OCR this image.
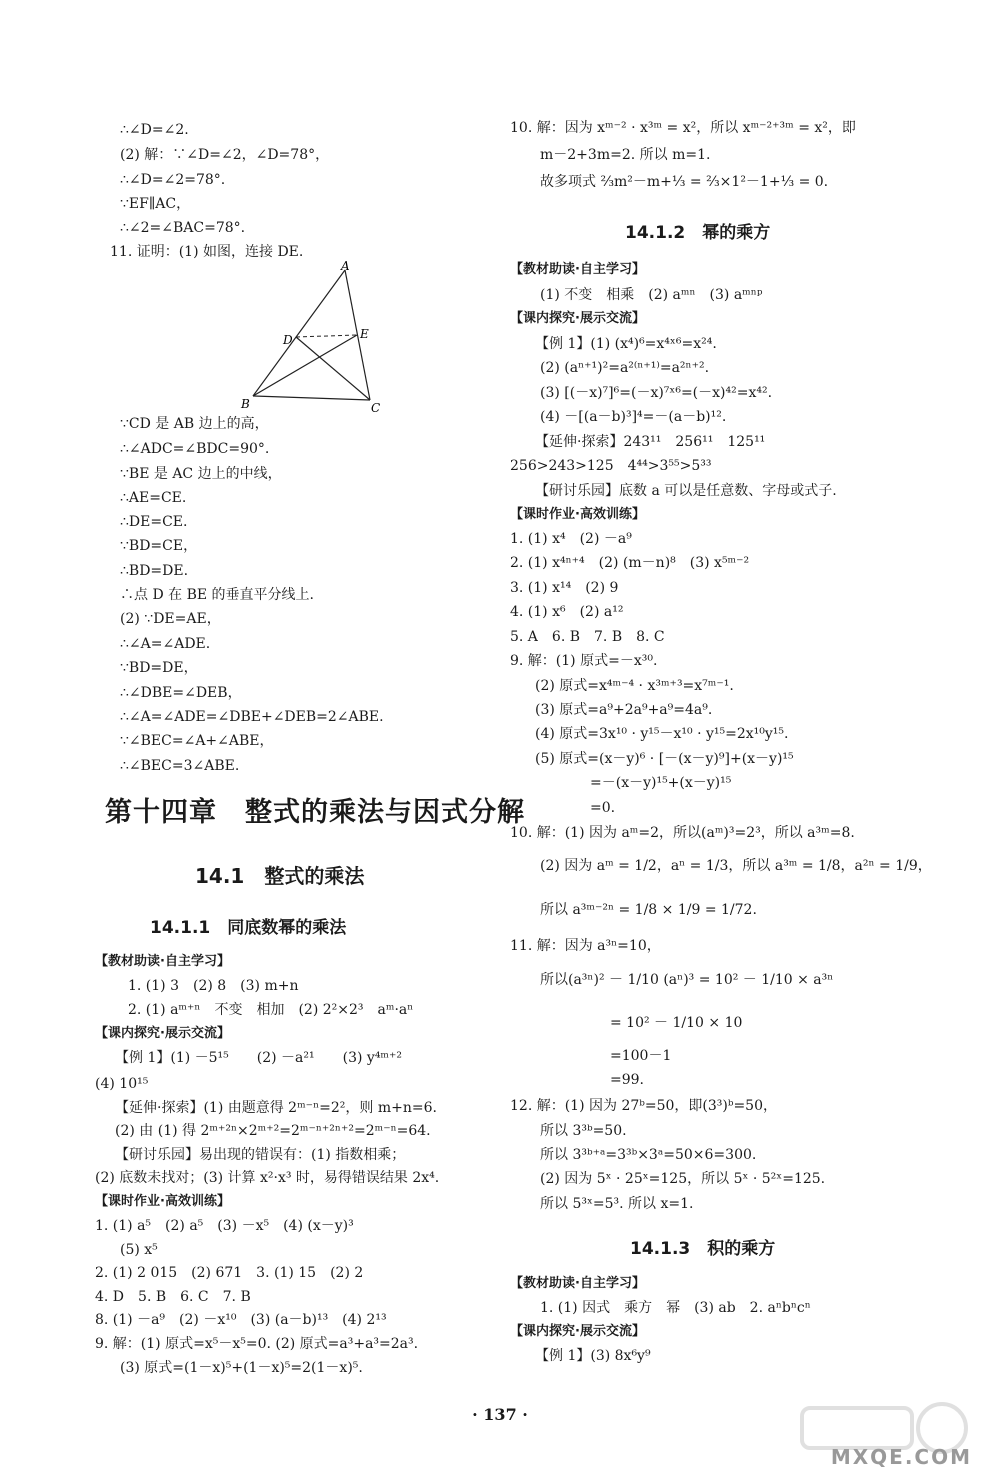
∴∠D=∠2.
(2) 解：∵∠D=∠2，∠D=78°，
∴∠D=∠2=78°.
∵EF∥AC，
∴∠2=∠BAC=78°.
11. 证明：(1) 如图，连接 DE.
A
D	E
B	C
∵CD 是 AB 边上的高，
∴∠ADC=∠BDC=90°.
∵BE 是 AC 边上的中线，
∴AE=CE.
∴DE=CE.
∵BD=CE，
∴BD=DE.
∴点 D 在 BE 的垂直平分线上.
(2) ∵DE=AE，
∴∠A=∠ADE.
∵BD=DE，
∴∠DBE=∠DEB，
∴∠A=∠ADE=∠DBE+∠DEB=2∠ABE.
∵∠BEC=∠A+∠ABE，
∴∠BEC=3∠ABE.
第十四章　整式的乘法与因式分解
14.1　整式的乘法
14.1.1　同底数幂的乘法
【教材助读·自主学习】
1. (1) 3　(2) 8　(3) m+n
2. (1) aᵐ⁺ⁿ　不变　相加　(2) 2²×2³　aᵐ·aⁿ
【课内探究·展示交流】
【例 1】(1) －5¹⁵　　(2) －a²¹　　(3) y⁴ᵐ⁺²
(4) 10¹⁵
【延伸·探索】(1) 由题意得 2ᵐ⁻ⁿ=2²，则 m+n=6.
(2) 由 (1) 得 2ᵐ⁺²ⁿ×2ᵐ⁺²=2ᵐ⁻ⁿ⁺²ⁿ⁺²=2ᵐ⁻ⁿ=64.
【研讨乐园】易出现的错误有：(1) 指数相乘；
(2) 底数未找对；(3) 计算 x²·x³ 时，易得错误结果 2x⁴.
【课时作业·高效训练】
1. (1) a⁵　(2) a⁵　(3) －x⁵　(4) (x－y)³
(5) x⁵
2. (1) 2 015　(2) 671　3. (1) 15　(2) 2
4. D　5. B　6. C　7. B
8. (1) －a⁹　(2) －x¹⁰　(3) (a－b)¹³　(4) 2¹³
9. 解：(1) 原式=x⁵－x⁵=0. (2) 原式=a³+a³=2a³.
(3) 原式=(1－x)⁵+(1－x)⁵=2(1－x)⁵.
10. 解：因为 xᵐ⁻² · x³ᵐ = x²，所以 xᵐ⁻²⁺³ᵐ = x²，即
m－2+3m=2. 所以 m=1.
故多项式 ⅔m²－m+⅓ = ⅔×1²－1+⅓ = 0.
14.1.2　幂的乘方
【教材助读·自主学习】
(1) 不变　相乘　(2) aᵐⁿ　(3) aᵐⁿᵖ
【课内探究·展示交流】
【例 1】(1) (x⁴)⁶=x⁴ˣ⁶=x²⁴.
(2) (aⁿ⁺¹)²=a²⁽ⁿ⁺¹⁾=a²ⁿ⁺².
(3) [(－x)⁷]⁶=(－x)⁷ˣ⁶=(－x)⁴²=x⁴².
(4) －[(a－b)³]⁴=－(a－b)¹².
【延伸·探索】243¹¹　256¹¹　125¹¹
256>243>125　4⁴⁴>3⁵⁵>5³³
【研讨乐园】底数 a 可以是任意数、字母或式子.
【课时作业·高效训练】
1. (1) x⁴　(2) －a⁹
2. (1) x⁴ⁿ⁺⁴　(2) (m－n)⁸　(3) x⁵ᵐ⁻²
3. (1) x¹⁴　(2) 9
4. (1) x⁶　(2) a¹²
5. A　6. B　7. B　8. C
9. 解：(1) 原式=－x³⁰.
(2) 原式=x⁴ᵐ⁻⁴ · x³ᵐ⁺³=x⁷ᵐ⁻¹.
(3) 原式=a⁹+2a⁹+a⁹=4a⁹.
(4) 原式=3x¹⁰ · y¹⁵－x¹⁰ · y¹⁵=2x¹⁰y¹⁵.
(5) 原式=(x－y)⁶ · [－(x－y)⁹]+(x－y)¹⁵
=－(x－y)¹⁵+(x－y)¹⁵
=0.
10. 解：(1) 因为 aᵐ=2，所以(aᵐ)³=2³，所以 a³ᵐ=8.
(2) 因为 aᵐ = 1/2，aⁿ = 1/3，所以 a³ᵐ = 1/8，a²ⁿ = 1/9，
所以 a³ᵐ⁻²ⁿ = 1/8 × 1/9 = 1/72.
11. 解：因为 a³ⁿ=10，
所以(a³ⁿ)² － 1/10 (aⁿ)³ = 10² － 1/10 × a³ⁿ
= 10² － 1/10 × 10
=100－1
=99.
12. 解：(1) 因为 27ᵇ=50，即(3³)ᵇ=50，
所以 3³ᵇ=50.
所以 3³ᵇ⁺ᵃ=3³ᵇ×3ᵃ=50×6=300.
(2) 因为 5ˣ · 25ˣ=125，所以 5ˣ · 5²ˣ=125.
所以 5³ˣ=5³. 所以 x=1.
14.1.3　积的乘方
【教材助读·自主学习】
1. (1) 因式　乘方　幂　(3) ab　2. aⁿbⁿcⁿ
【课内探究·展示交流】
【例 1】(3) 8x⁶y⁹
· 137 ·
MXQE.COM
